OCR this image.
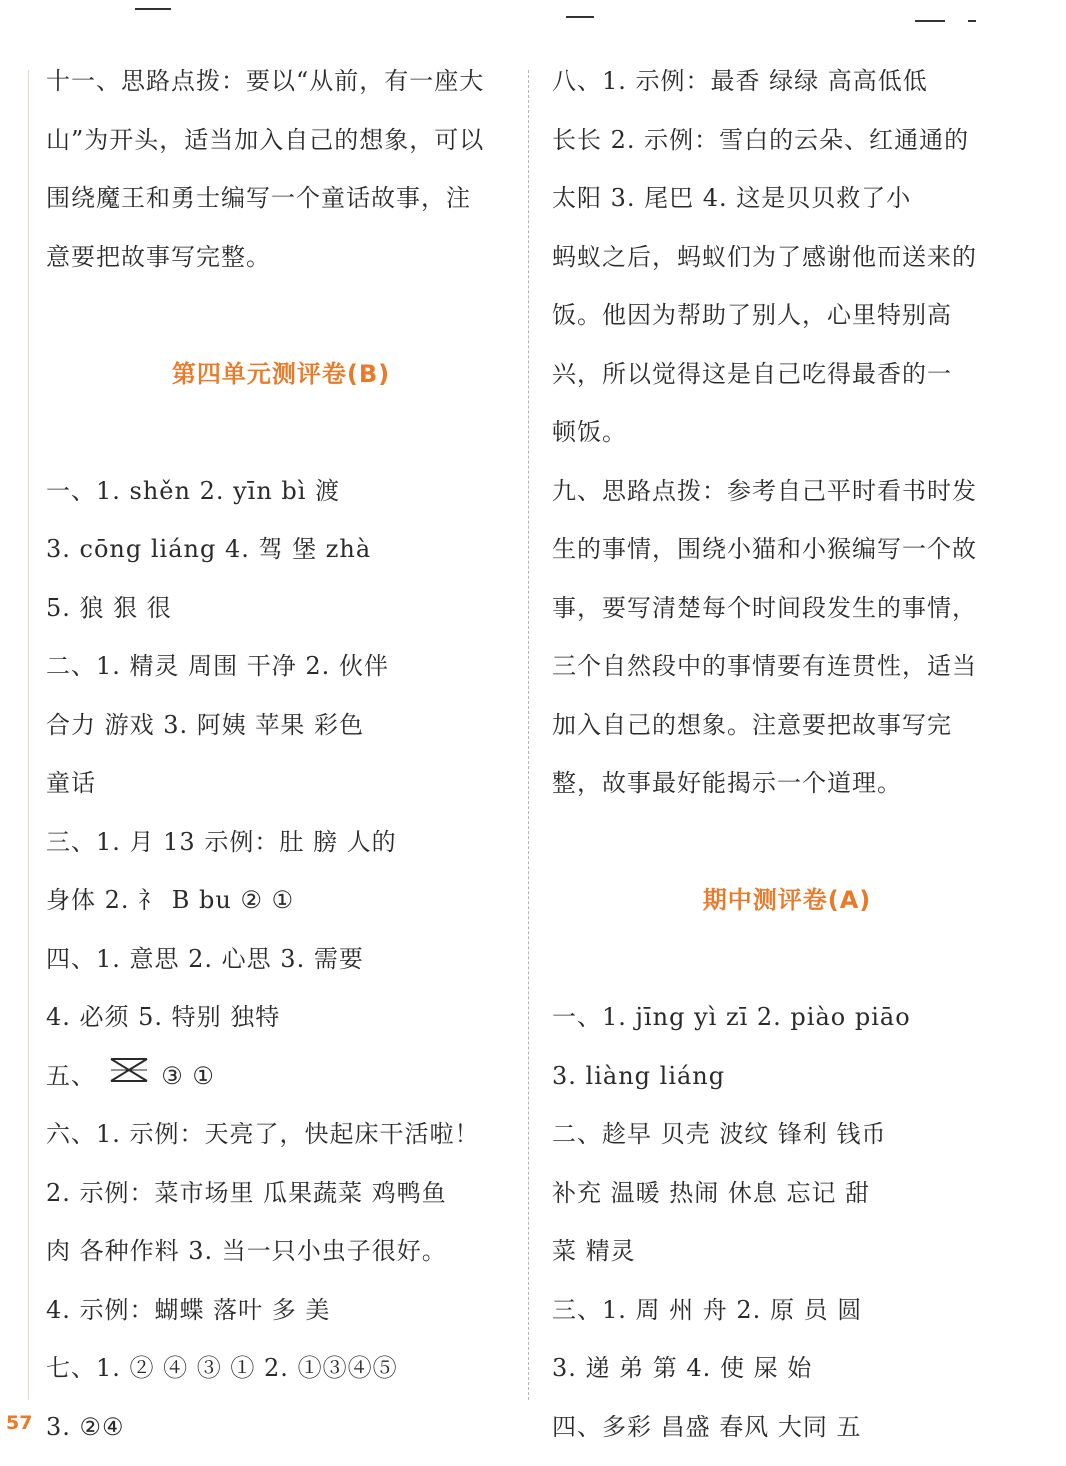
十一、思路点拨：要以“从前，有一座大
山”为开头，适当加入自己的想象，可以
围绕魔王和勇士编写一个童话故事，注
意要把故事写完整。
第四单元测评卷(B)
一、1. shěn 2. yīn bì 渡
3. cōng liáng 4. 驾 堡 zhà
5. 狼 狠 很
二、1. 精灵 周围 干净 2. 伙伴
合力 游戏 3. 阿姨 苹果 彩色
童话
三、1. 月 13 示例：肚 膀 人的
身体 2. 礻 B bu ② ①
四、1. 意思 2. 心思 3. 需要
4. 必须 5. 特别 独特
五、	③ ①
六、1. 示例：天亮了，快起床干活啦！
2. 示例：菜市场里 瓜果蔬菜 鸡鸭鱼
肉 各种作料 3. 当一只小虫子很好。
4. 示例：蝴蝶 落叶 多 美
七、1. ② ④ ③ ① 2. ①③④⑤
3. ②④
八、1. 示例：最香 绿绿 高高低低
长长 2. 示例：雪白的云朵、红通通的
太阳 3. 尾巴 4. 这是贝贝救了小
蚂蚁之后，蚂蚁们为了感谢他而送来的
饭。他因为帮助了别人，心里特别高
兴，所以觉得这是自己吃得最香的一
顿饭。
九、思路点拨：参考自己平时看书时发
生的事情，围绕小猫和小猴编写一个故
事，要写清楚每个时间段发生的事情，
三个自然段中的事情要有连贯性，适当
加入自己的想象。注意要把故事写完
整，故事最好能揭示一个道理。
期中测评卷(A)
一、1. jīng yì zī 2. piào piāo
3. liàng liáng
二、趁早 贝壳 波纹 锋利 钱币
补充 温暖 热闹 休息 忘记 甜
菜 精灵
三、1. 周 州 舟 2. 原 员 圆
3. 递 弟 第 4. 使 屎 始
四、多彩 昌盛 春风 大同 五
57
